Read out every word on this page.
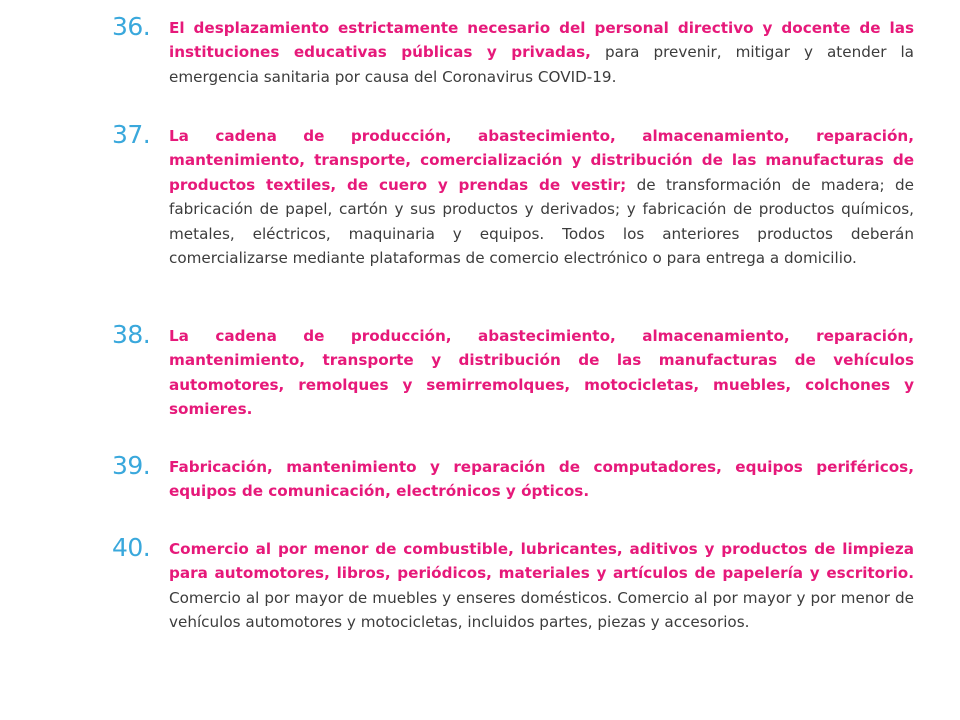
36. El desplazamiento estrictamente necesario del personal directivo y docente de las instituciones educativas públicas y privadas, para prevenir, mitigar y atender la emergencia sanitaria por causa del Coronavirus COVID-19.
37. La cadena de producción, abastecimiento, almacenamiento, reparación, mantenimiento, transporte, comercialización y distribución de las manufacturas de productos textiles, de cuero y prendas de vestir; de transformación de madera; de fabricación de papel, cartón y sus productos y derivados; y fabricación de productos químicos, metales, eléctricos, maquinaria y equipos. Todos los anteriores productos deberán comercializarse mediante plataformas de comercio electrónico o para entrega a domicilio.
38. La cadena de producción, abastecimiento, almacenamiento, reparación, mantenimiento, transporte y distribución de las manufacturas de vehículos automotores, remolques y semirremolques, motocicletas, muebles, colchones y somieres.
39. Fabricación, mantenimiento y reparación de computadores, equipos periféricos, equipos de comunicación, electrónicos y ópticos.
40. Comercio al por menor de combustible, lubricantes, aditivos y productos de limpieza para automotores, libros, periódicos, materiales y artículos de papelería y escritorio. Comercio al por mayor de muebles y enseres domésticos. Comercio al por mayor y por menor de vehículos automotores y motocicletas, incluidos partes, piezas y accesorios.
